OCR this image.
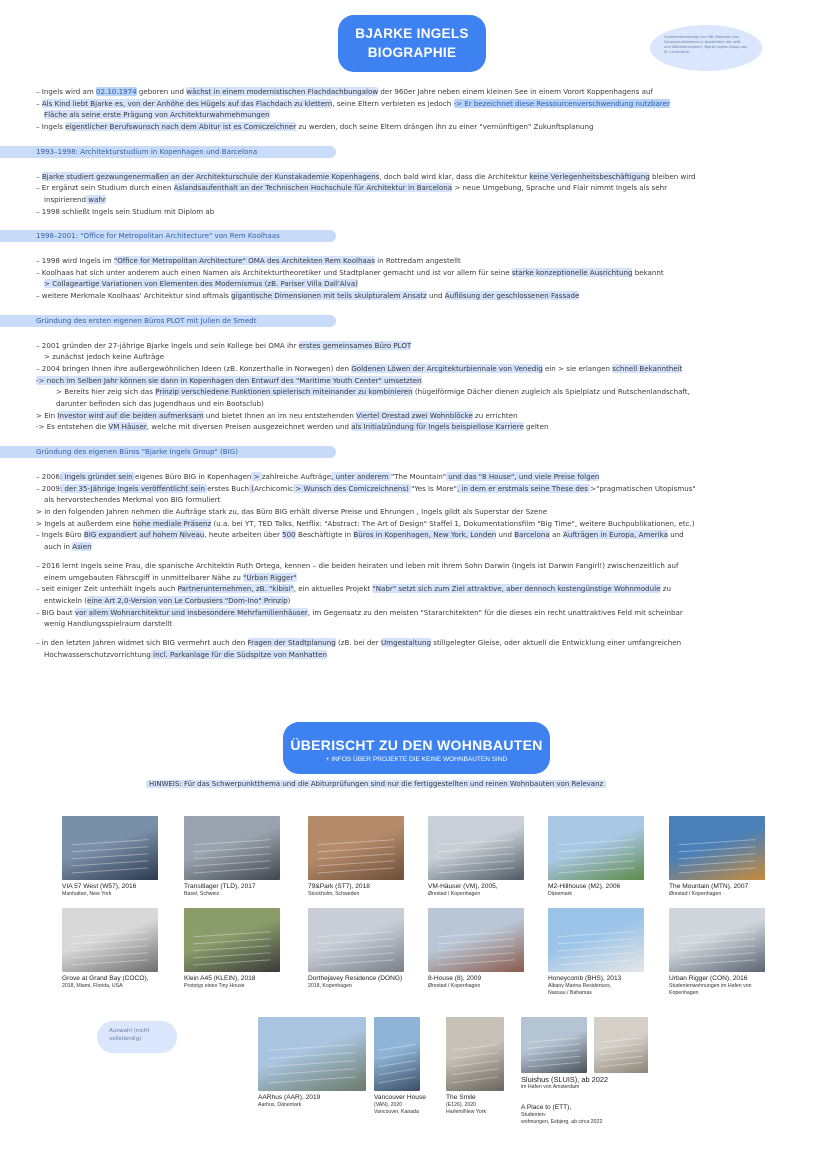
BJARKE INGELS
BIOGRAPHIE
Zusammenfassung von HBL-Material (von Schwerpunktthema in Ausstellen) mit zeitl. und Wohnkonzepten), Bjarke Ingels Group von St. Lindenthal
– Ingels wird am 02.10.1974 geboren und wächst in einem modernistischen Flachdachbungalow der 960er Jahre neben einem kleinen See in einem Vorort Koppenhagens auf
– Als Kind liebt Bjarke es, von der Anhöhe des Hügels auf das Flachdach zu klettern, seine Eltern verbieten es jedoch -> Er bezeichnet diese Ressourcenverschwendung nutzbarer
Fläche als seine erste Prägung von Architekturwahrnehmungen
– Ingels eigentlicher Berufswunsch nach dem Abitur ist es Comiczeichner zu werden, doch seine Eltern drängen ihn zu einer "vernünftigen" Zukunftsplanung
1993–1998: Architekturstudium in Kopenhagen und Barcelona
– Bjarke studiert gezwungenermaßen an der Architekturschule der Kunstakademie Kopenhagens, doch bald wird klar, dass die Architektur keine Verlegenheitsbeschäftigung bleiben wird
– Er ergänzt sein Studium durch einen Aslandsaufenthalt an der Technischen Hochschule für Architektur in Barcelona > neue Umgebung, Sprache und Flair nimmt Ingels als sehr
inspirierend wahr
– 1998 schließt Ingels sein Studium mit Diplom ab
1998–2001: "Office for Metropolitan Architecture" von Rem Koolhaas
– 1998 wird Ingels im "Office for Metropolitan Architecture" OMA des Architekten Rem Koolhaas in Rottredam angestellt
– Koolhaas hat sich unter anderem auch einen Namen als Architekturtheoretiker und Stadtplaner gemacht und ist vor allem für seine starke konzeptionelle Ausrichtung bekannt
> Collageartige Variationen von Elementen des Modernismus (zB. Pariser Villa Dall'Alva)
– weitere Merkmale Koolhaas' Architektur sind oftmals gigantische Dimensionen mit teils skulpturalem Ansatz und Auflösung der geschlossenen Fassade
Gründung des ersten eigenen Büros PLOT mit Julien de Smedt
– 2001 gründen der 27-jährige Bjarke Ingels und sein Kollege bei OMA ihr erstes gemeinsames Büro PLOT
> zunächst jedoch keine Aufträge
– 2004 bringen Ihnen ihre außergewöhnlichen Ideen (zB. Konzerthalle in Norwegen) den Goldenen Löwen der Arcgitekturbiennale von Venedig ein > sie erlangen schnell Bekanntheit
-> noch im Selben Jahr können sie dann in Kopenhagen den Entwurf des "Maritime Youth Center" umsetzten
> Bereits hier zeig sich das Prinzip verschiedene Funktionen spielerisch miteinander zu kombinieren (hügelförmige Dächer dienen zugleich als Spielplatz und Rutschenlandschaft,
darunter befinden sich das Jugendhaus und ein Bootsclub)
> Ein Investor wird auf die beiden aufmerksam und bietet Ihnen an im neu entstehenden Viertel Orestad zwei Wohnblöcke zu errichten
-> Es entstehen die VM Häuser, welche mit diversen Preisen ausgezeichnet werden und als Initialzündung für Ingels beispiellose Karriere gelten
Gründung des eigenen Büros "Bjarke Ingels Group" (BIG)
– 2006: Ingels gründet sein eigenes Büro BIG in Kopenhagen > zahlreiche Aufträge, unter anderem "The Mountain" und das "8 House", und viele Preise folgen
– 2009: der 35-Jährige Ingels veröffentlicht sein erstes Buch (Archicomic > Wunsch des Comiczeichnens) "Yes Is More", in dem er erstmals seine These des >"pragmatischen Utopismus"
als hervorstechendes Merkmal von BIG formuliert
> in den folgenden Jahren nehmen die Aufträge stark zu, das Büro BIG erhält diverse Preise und Ehrungen , Ingels gildt als Superstar der Szene
> Ingels at außerdem eine hohe mediale Präsenz (u.a. bei YT, TED Talks, Netflix: "Abstract: The Art of Design" Staffel 1, Dokumentationsfilm "Big Time", weitere Buchpublikationen, etc.)
– Ingels Büro BIG expandiert auf hohem Niveau, heute arbeiten über 500 Beschäftigte in Büros in Kopenhagen, New York, Londen und Barcelona an Aufträgen in Europa, Amerika und
auch in Asien
– 2016 lernt Ingels seine Frau, die spanische Architektin Ruth Ortega, kennen – die beiden heiraten und leben mit ihrem Sohn Darwin (Ingels ist Darwin Fangirl!) zwischenzeitlich auf
einem umgebauten Fährscgiff in unmittelbarer Nähe zu "Urban Rigger"
– seit einiger Zeit unterhält Ingels auch Partnerunternehmen, zB. "kibisi", ein aktuelles Projekt "Nabr" setzt sich zum Ziel attraktive, aber dennoch kostengünstige Wohnmodule zu
entwickeln (eine Art 2,0-Version von Le Corbusiers "Dom-Ino" Prinzip)
– BIG baut vor allem Wohnarchitektur und insbesondere Mehrfamilienhäuser, im Gegensatz zu den meisten "Stararchitekten" für die dieses ein recht unattraktives Feld mit scheinbar
wenig Handlungsspielraum darstellt
– in den letzten Jahren widmet sich BIG vermehrt auch den Fragen der Stadtplanung (zB. bei der Umgestaltung stillgelegter Gleise, oder aktuell die Entwicklung einer umfangreichen
Hochwasserschutzvorrichtung incl. Parkanlage für die Südspitze von Manhatten
ÜBERISCHT ZU DEN WOHNBAUTEN
+ INFOS ÜBER PROJEKTE DIE KEINE WOHNBAUTEN SIND
HINWEIS: Für das Schwerpunktthema und die Abiturprüfungen sind nur die fertiggestellten und reinen Wohnbauten von Relevanz
VIA 57 West (W57), 2016
Manhattan, New York
Transitlager (TLD), 2017
Basel, Schweiz
79&Park (ST7), 2018
Stockholm, Schweden
VM-Häuser (VM), 2005,
Ørestad / Kopenhagen
M2-Hillhouse (M2), 2006
Dänemark
The Mountain (MTN), 2007
Ørestad / Kopenhagen
Grove at Grand Bay (COCO),
2018, Miami, Florida, USA
Klein A45 (KLEIN), 2018
Prototyp eines Tiny House
Dorthejavey Residence (DONG)
2018, Kopenhagen
8-House (8), 2009
Ørestad / Kopenhagen
Honeycomb (BHS), 2013
Albany Marina Residences,
Nassau / Bahamas
Urban Rigger (CON), 2016
Studentenwohnungen im Hafen von
Kopenhagen
AARhus (AAR), 2019
Aarhus, Dänemark
Vancouver House
(VAN), 2020
Vancouver, Kanada
The Smile
(E126), 2020
Harlem/New York
Sluishus (SLUIS), ab 2022
im Hafen von Amsterdam
A Place to (ETT),
Studenten-
wohnungen, Esbjerg, ab circa 2022
Auswahl (nicht vollständig)
